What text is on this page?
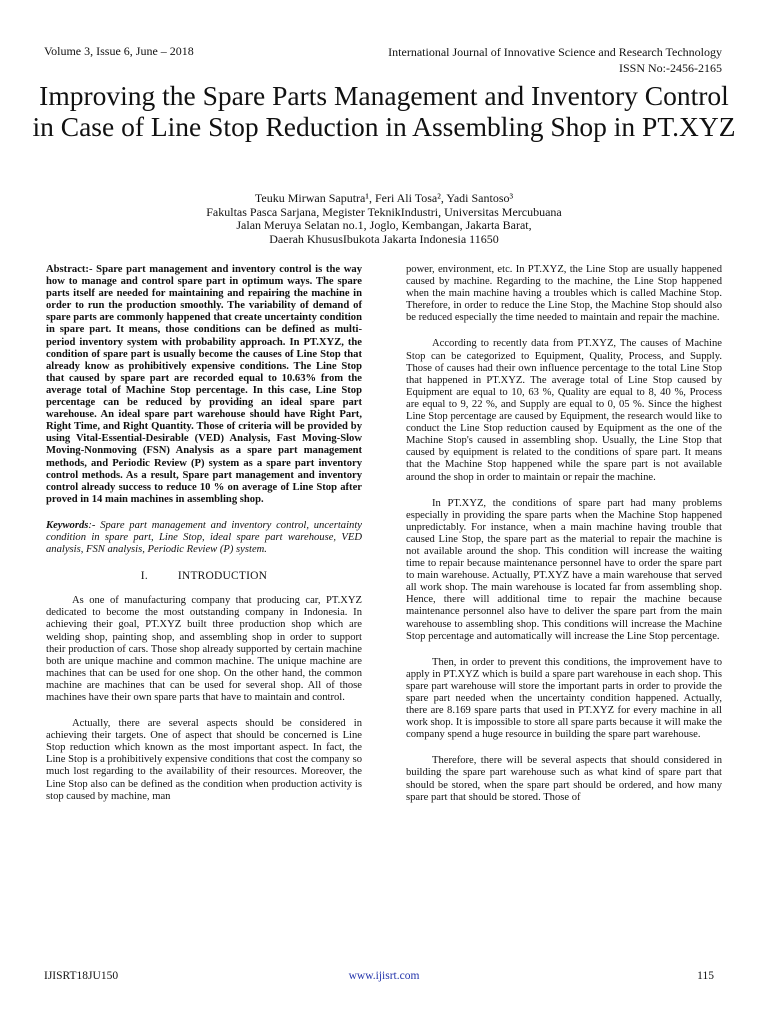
Volume 3, Issue 6, June – 2018	International Journal of Innovative Science and Research Technology
ISSN No:-2456-2165
Improving the Spare Parts Management and Inventory Control in Case of Line Stop Reduction in Assembling Shop in PT.XYZ
Teuku Mirwan Saputra¹, Feri Ali Tosa², Yadi Santoso³
Fakultas Pasca Sarjana, Megister TeknikIndustri, Universitas Mercubuana
Jalan Meruya Selatan no.1, Joglo, Kembangan, Jakarta Barat,
Daerah KhususIbukota Jakarta Indonesia 11650

Abstract:- Spare part management and inventory control is the way how to manage and control spare part in optimum ways. The spare parts itself are needed for maintaining and repairing the machine in order to run the production smoothly. The variability of demand of spare parts are commonly happened that create uncertainty condition in spare part. It means, those conditions can be defined as multi-period inventory system with probability approach. In PT.XYZ, the condition of spare part is usually become the causes of Line Stop that already know as prohibitively expensive conditions. The Line Stop that caused by spare part are recorded equal to 10.63% from the average total of Machine Stop percentage. In this case, Line Stop percentage can be reduced by providing an ideal spare part warehouse. An ideal spare part warehouse should have Right Part, Right Time, and Right Quantity. Those of criteria will be provided by using Vital-Essential-Desirable (VED) Analysis, Fast Moving-Slow Moving-Nonmoving (FSN) Analysis as a spare part management methods, and Periodic Review (P) system as a spare part inventory control methods. As a result, Spare part management and inventory control already success to reduce 10 % on average of Line Stop after proved in 14 main machines in assembling shop.

Keywords:- Spare part management and inventory control, uncertainty condition in spare part, Line Stop, ideal spare part warehouse, VED analysis, FSN analysis, Periodic Review (P) system.

I.	INTRODUCTION

As one of manufacturing company that producing car, PT.XYZ dedicated to become the most outstanding company in Indonesia. In achieving their goal, PT.XYZ built three production shop which are welding shop, painting shop, and assembling shop in order to support their production of cars. Those shop already supported by certain machine both are unique machine and common machine. The unique machine are machines that can be used for one shop. On the other hand, the common machine are machines that can be used for several shop. All of those machines have their own spare parts that have to maintain and control.

Actually, there are several aspects should be considered in achieving their targets. One of aspect that should be concerned is Line Stop reduction which known as the most important aspect. In fact, the Line Stop is a prohibitively expensive conditions that cost the company so much lost regarding to the availability of their resources. Moreover, the Line Stop also can be defined as the condition when production activity is stop caused by machine, man

power, environment, etc. In PT.XYZ, the Line Stop are usually happened caused by machine. Regarding to the machine, the Line Stop happened when the main machine having a troubles which is called Machine Stop. Therefore, in order to reduce the Line Stop, the Machine Stop should also be reduced especially the time needed to maintain and repair the machine.

According to recently data from PT.XYZ, The causes of Machine Stop can be categorized to Equipment, Quality, Process, and Supply. Those of causes had their own influence percentage to the total Line Stop that happened in PT.XYZ. The average total of Line Stop caused by Equipment are equal to 10, 63 %, Quality are equal to 8, 40 %, Process are equal to 9, 22 %, and Supply are equal to 0, 05 %. Since the highest Line Stop percentage are caused by Equipment, the research would like to conduct the Line Stop reduction caused by Equipment as the one of the Machine Stop's caused in assembling shop. Usually, the Line Stop that caused by equipment is related to the conditions of spare part. It means that the Machine Stop happened while the spare part is not available around the shop in order to maintain or repair the machine.

In PT.XYZ, the conditions of spare part had many problems especially in providing the spare parts when the Machine Stop happened unpredictably. For instance, when a main machine having trouble that caused Line Stop, the spare part as the material to repair the machine is not available around the shop. This condition will increase the waiting time to repair because maintenance personnel have to order the spare part to main warehouse. Actually, PT.XYZ have a main warehouse that served all work shop. The main warehouse is located far from assembling shop. Hence, there will additional time to repair the machine because maintenance personnel also have to deliver the spare part from the main warehouse to assembling shop. This conditions will increase the Machine Stop percentage and automatically will increase the Line Stop percentage.

Then, in order to prevent this conditions, the improvement have to apply in PT.XYZ which is build a spare part warehouse in each shop. This spare part warehouse will store the important parts in order to provide the spare part needed when the uncertainty condition happened. Actually, there are 8.169 spare parts that used in PT.XYZ for every machine in all work shop. It is impossible to store all spare parts because it will make the company spend a huge resource in building the spare part warehouse.

Therefore, there will be several aspects that should considered in building the spare part warehouse such as what kind of spare part that should be stored, when the spare part should be ordered, and how many spare part that should be stored. Those of

IJISRT18JU150	www.ijisrt.com	115
